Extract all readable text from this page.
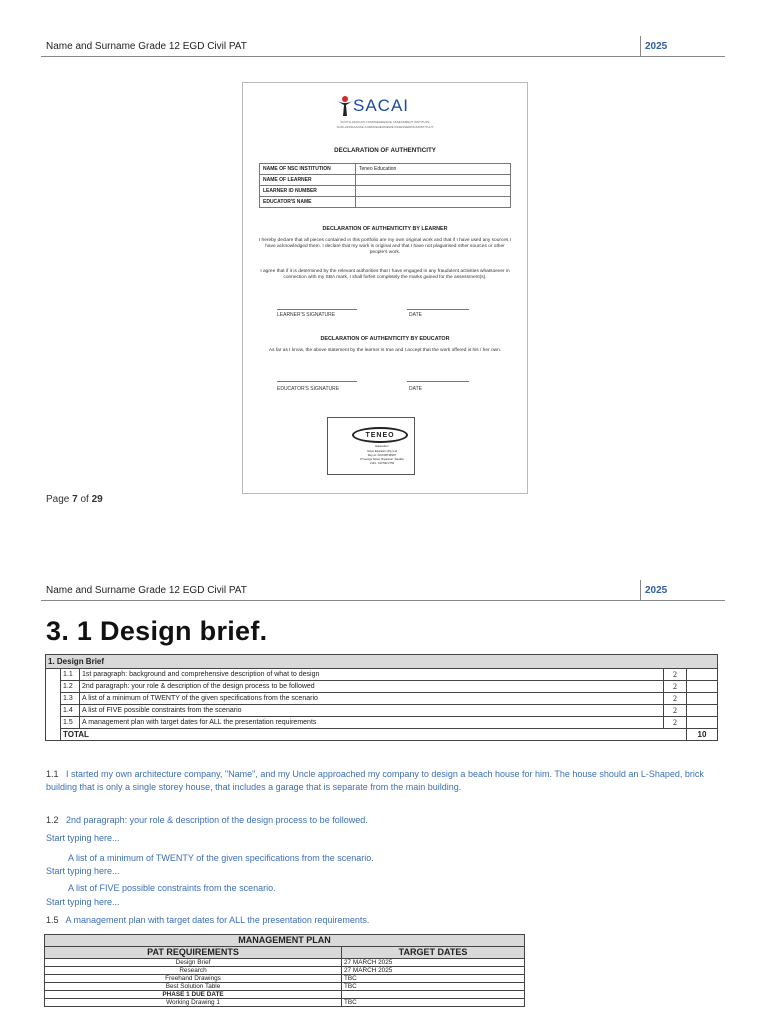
Name and Surname Grade 12 EGD Civil PAT	2025
SACAI
SOUTH AFRICAN COMPREHENSIVE ASSESSMENT INSTITUTE
SUID-AFRIKAANSE KOMPREHENSIEWE ASSESSERINGSINSTITUUT
DECLARATION OF AUTHENTICITY
NAME OF NSC INSTITUTION	Teneo Education
NAME OF LEARNER	
LEARNER ID NUMBER	
EDUCATOR'S NAME	
DECLARATION OF AUTHENTICITY BY LEARNER
I hereby declare that all pieces contained in this portfolio are my own original work and that if I have used any sources I have acknowledged them. I declare that my work is original and that I have not plagiarised other sources or other people's work.
I agree that if it is determined by the relevant authorities that I have engaged in any fraudulent activities whatsoever in connection with my SBA mark, I shall forfeit completely the marks gained for the assessment(s).
LEARNER'S SIGNATURE	DATE
DECLARATION OF AUTHENTICITY BY EDUCATOR
As far as I know, the above statement by the learner is true and I accept that the work offered is his / her own.
EDUCATOR'S SIGNATURE	DATE
TENEO
Education
Teneo Education (Pty) Ltd
Reg no: 2017/087455/07
37 George Street, Bryanston, Sandton
2191 · 010 593 2759
Page 7 of 29
Name and Surname Grade 12 EGD Civil PAT	2025
3. 1 Design brief.
1. Design Brief				
	1.1	1st paragraph: background and comprehensive description of what to design	2	
	1.2	2nd paragraph: your role & description of the design process to be followed	2	
	1.3	A list of a minimum of TWENTY of the given specifications from the scenario	2	
	1.4	A list of FIVE possible constraints from the scenario	2	
	1.5	A management plan with target dates for ALL the presentation requirements	2	
	TOTAL			10
1.1 I started my own architecture company, "Name", and my Uncle approached my company to design a beach house for him. The house should an L-Shaped, brick building that is only a single storey house, that includes a garage that is separate from the main building.
1.2 2nd paragraph: your role & description of the design process to be followed.
Start typing here...
A list of a minimum of TWENTY of the given specifications from the scenario.
Start typing here...
A list of FIVE possible constraints from the scenario.
Start typing here...
1.5 A management plan with target dates for ALL the presentation requirements.
MANAGEMENT PLAN	
PAT REQUIREMENTS	TARGET DATES
Design Brief	27 MARCH 2025
Research	27 MARCH 2025
Freehand Drawings	TBC
Best Solution Table	TBC
PHASE 1 DUE DATE	
Working Drawing 1	TBC
